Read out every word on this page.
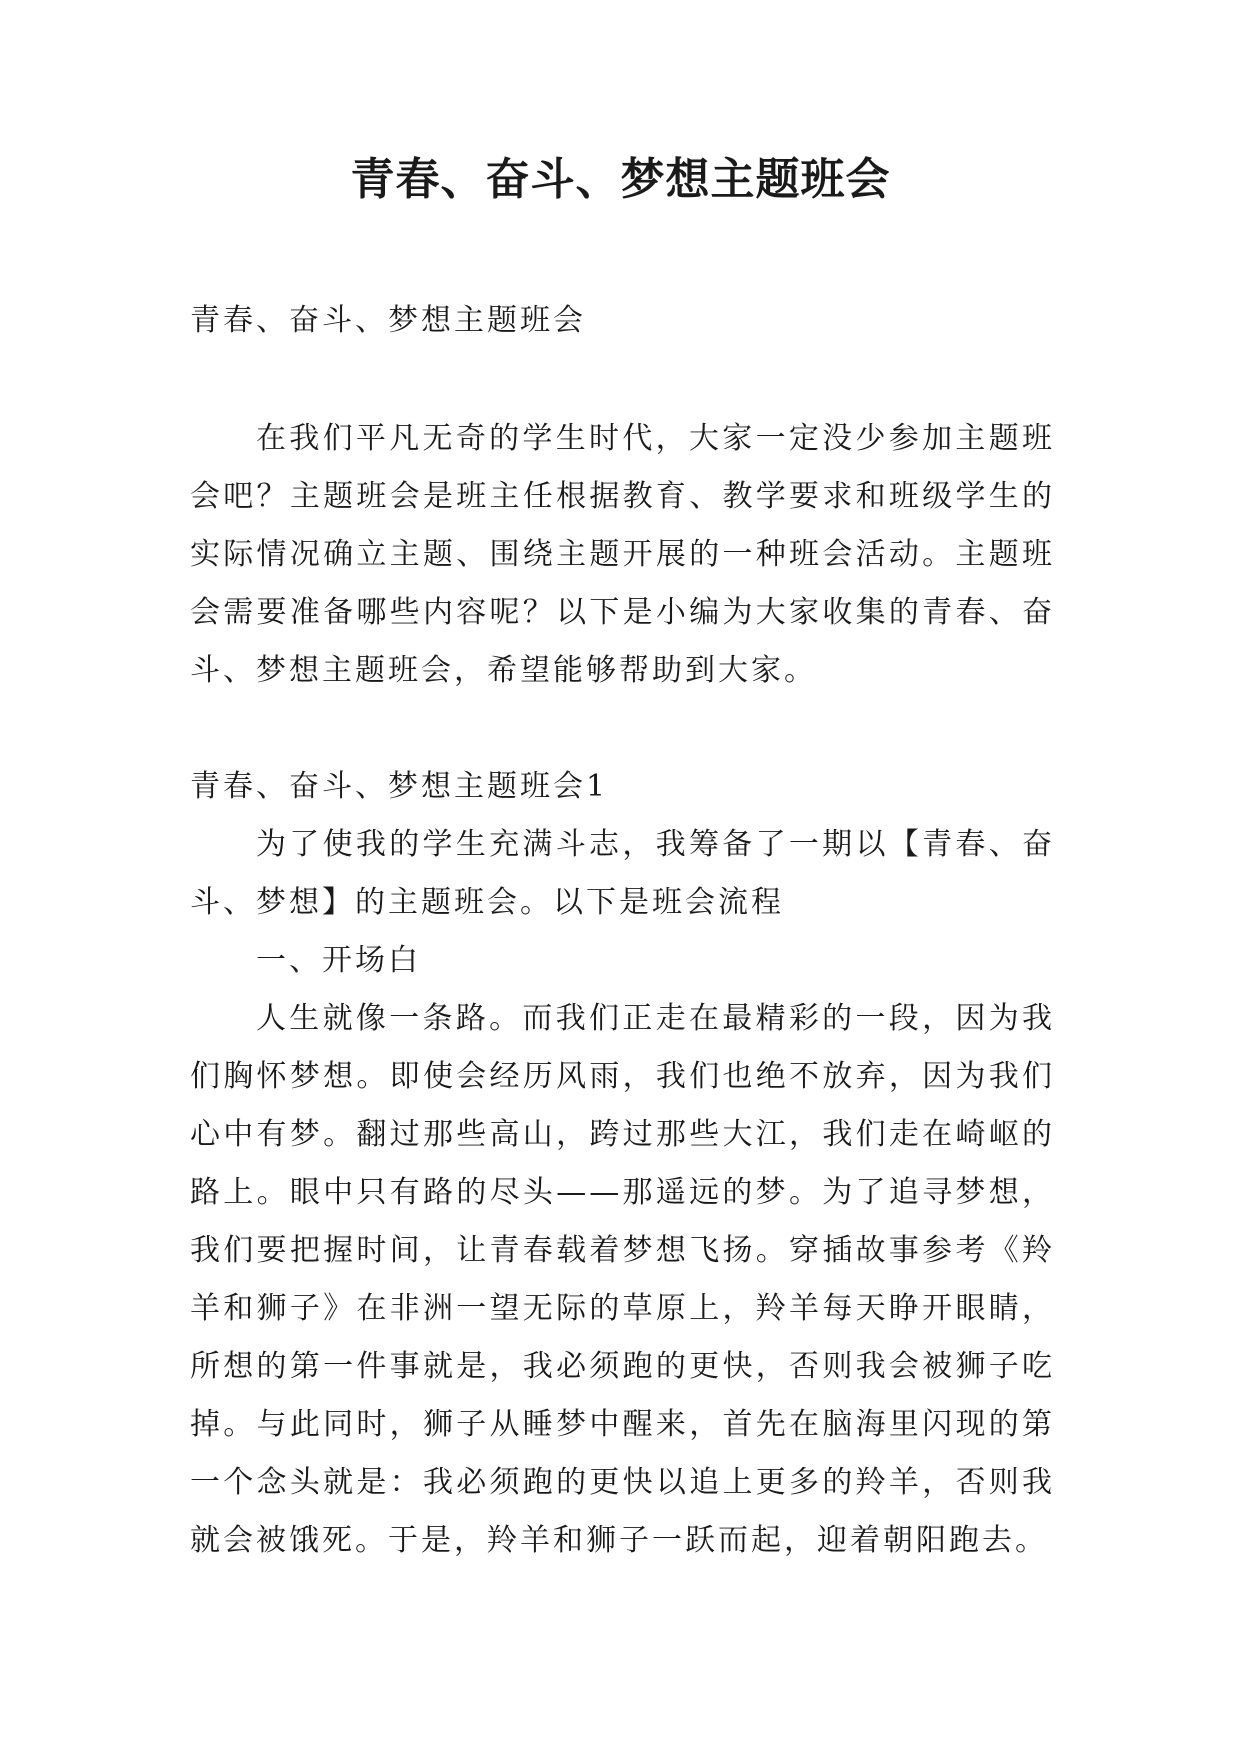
青春、奋斗、梦想主题班会

青春、奋斗、梦想主题班会

在我们平凡无奇的学生时代，大家一定没少参加主题班会吧？主题班会是班主任根据教育、教学要求和班级学生的实际情况确立主题、围绕主题开展的一种班会活动。主题班会需要准备哪些内容呢？以下是小编为大家收集的青春、奋斗、梦想主题班会，希望能够帮助到大家。

青春、奋斗、梦想主题班会1

为了使我的学生充满斗志，我筹备了一期以【青春、奋斗、梦想】的主题班会。以下是班会流程

一、开场白

人生就像一条路。而我们正走在最精彩的一段，因为我们胸怀梦想。即使会经历风雨，我们也绝不放弃，因为我们心中有梦。翻过那些高山，跨过那些大江，我们走在崎岖的路上。眼中只有路的尽头——那遥远的梦。为了追寻梦想，我们要把握时间，让青春载着梦想飞扬。穿插故事参考《羚羊和狮子》在非洲一望无际的草原上，羚羊每天睁开眼睛，所想的第一件事就是，我必须跑的更快，否则我会被狮子吃掉。与此同时，狮子从睡梦中醒来，首先在脑海里闪现的第一个念头就是：我必须跑的更快以追上更多的羚羊，否则我就会被饿死。于是，羚羊和狮子一跃而起，迎着朝阳跑去。
